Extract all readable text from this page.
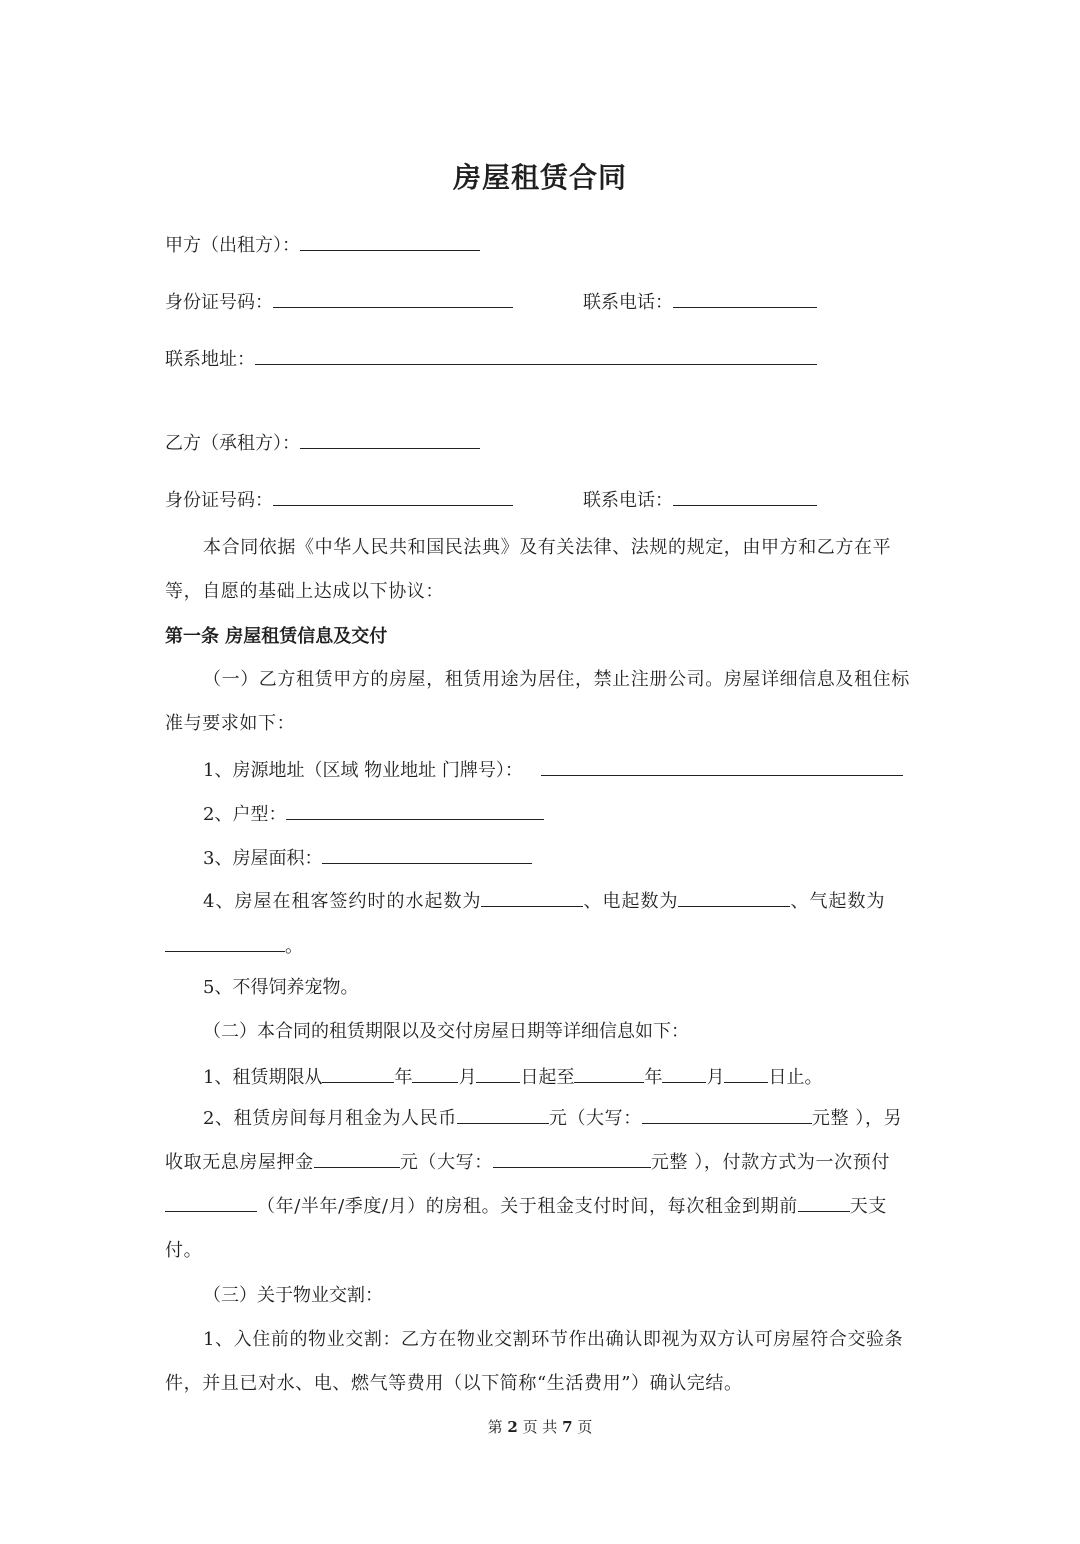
房屋租赁合同
甲方（出租方）：
身份证号码：	联系电话：
联系地址：
乙方（承租方）：
身份证号码：	联系电话：
本合同依据《中华人民共和国民法典》及有关法律、法规的规定，由甲方和乙方在平等，自愿的基础上达成以下协议：
第一条 房屋租赁信息及交付
（一）乙方租赁甲方的房屋，租赁用途为居住，禁止注册公司。房屋详细信息及租住标准与要求如下：
1、房源地址（区域 物业地址 门牌号）：
2、户型：
3、房屋面积：
4、房屋在租客签约时的水起数为	、电起数为	、气起数为
。
5、不得饲养宠物。
（二）本合同的租赁期限以及交付房屋日期等详细信息如下：
1、租赁期限从	年	月 日起至	年 月 日止。
2、租赁房间每月租金为人民币	元（大写：	元整 ），另收取无息房屋押金	元（大写：	元整 ），付款方式为一次预付（年/半年/季度/月）的房租。关于租金支付时间，每次租金到期前	天支付。
（三）关于物业交割：
1、入住前的物业交割：乙方在物业交割环节作出确认即视为双方认可房屋符合交验条件，并且已对水、电、燃气等费用（以下简称“生活费用”）确认完结。
第 2 页 共 7 页
